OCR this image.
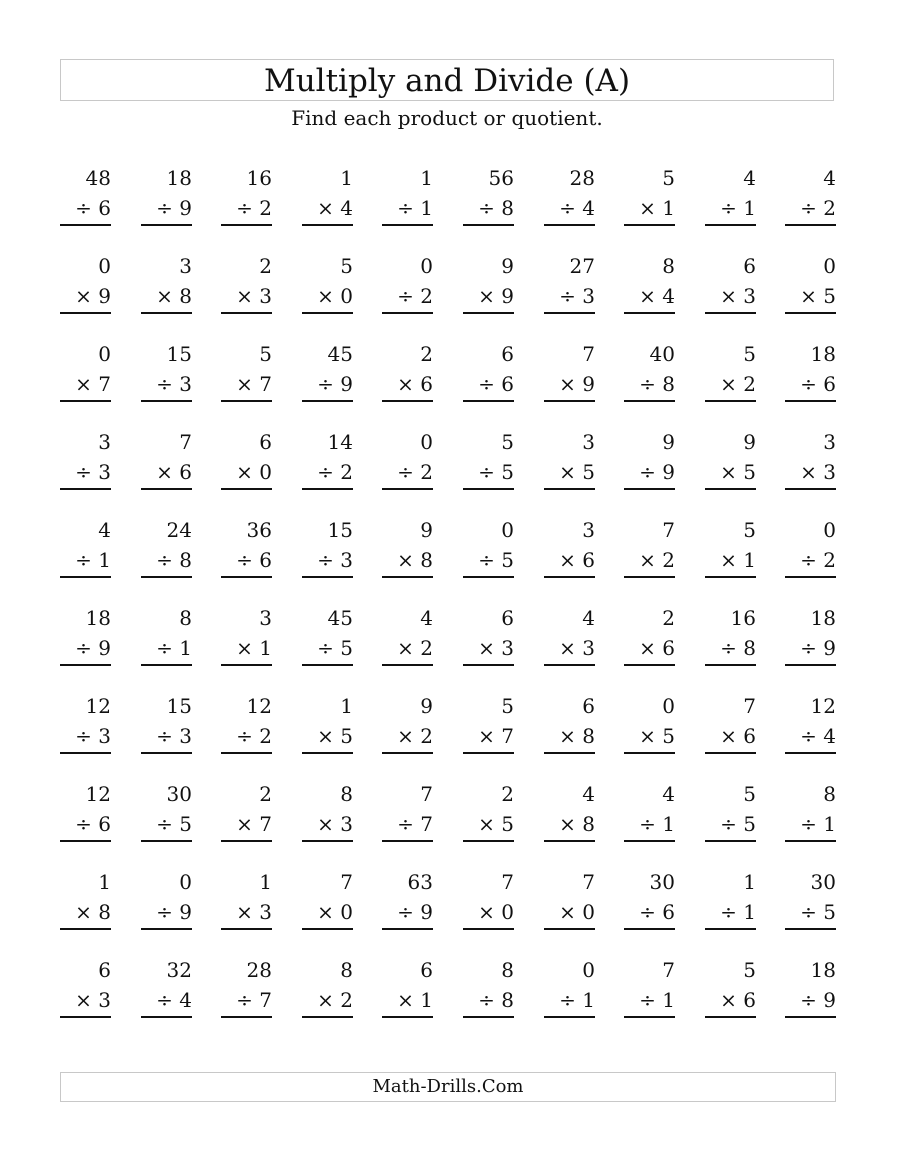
Multiply and Divide (A)
Find each product or quotient.
48
÷ 6
18
÷ 9
16
÷ 2
1
× 4
1
÷ 1
56
÷ 8
28
÷ 4
5
× 1
4
÷ 1
4
÷ 2
0
× 9
3
× 8
2
× 3
5
× 0
0
÷ 2
9
× 9
27
÷ 3
8
× 4
6
× 3
0
× 5
0
× 7
15
÷ 3
5
× 7
45
÷ 9
2
× 6
6
÷ 6
7
× 9
40
÷ 8
5
× 2
18
÷ 6
3
÷ 3
7
× 6
6
× 0
14
÷ 2
0
÷ 2
5
÷ 5
3
× 5
9
÷ 9
9
× 5
3
× 3
4
÷ 1
24
÷ 8
36
÷ 6
15
÷ 3
9
× 8
0
÷ 5
3
× 6
7
× 2
5
× 1
0
÷ 2
18
÷ 9
8
÷ 1
3
× 1
45
÷ 5
4
× 2
6
× 3
4
× 3
2
× 6
16
÷ 8
18
÷ 9
12
÷ 3
15
÷ 3
12
÷ 2
1
× 5
9
× 2
5
× 7
6
× 8
0
× 5
7
× 6
12
÷ 4
12
÷ 6
30
÷ 5
2
× 7
8
× 3
7
÷ 7
2
× 5
4
× 8
4
÷ 1
5
÷ 5
8
÷ 1
1
× 8
0
÷ 9
1
× 3
7
× 0
63
÷ 9
7
× 0
7
× 0
30
÷ 6
1
÷ 1
30
÷ 5
6
× 3
32
÷ 4
28
÷ 7
8
× 2
6
× 1
8
÷ 8
0
÷ 1
7
÷ 1
5
× 6
18
÷ 9
Math-Drills.Com
